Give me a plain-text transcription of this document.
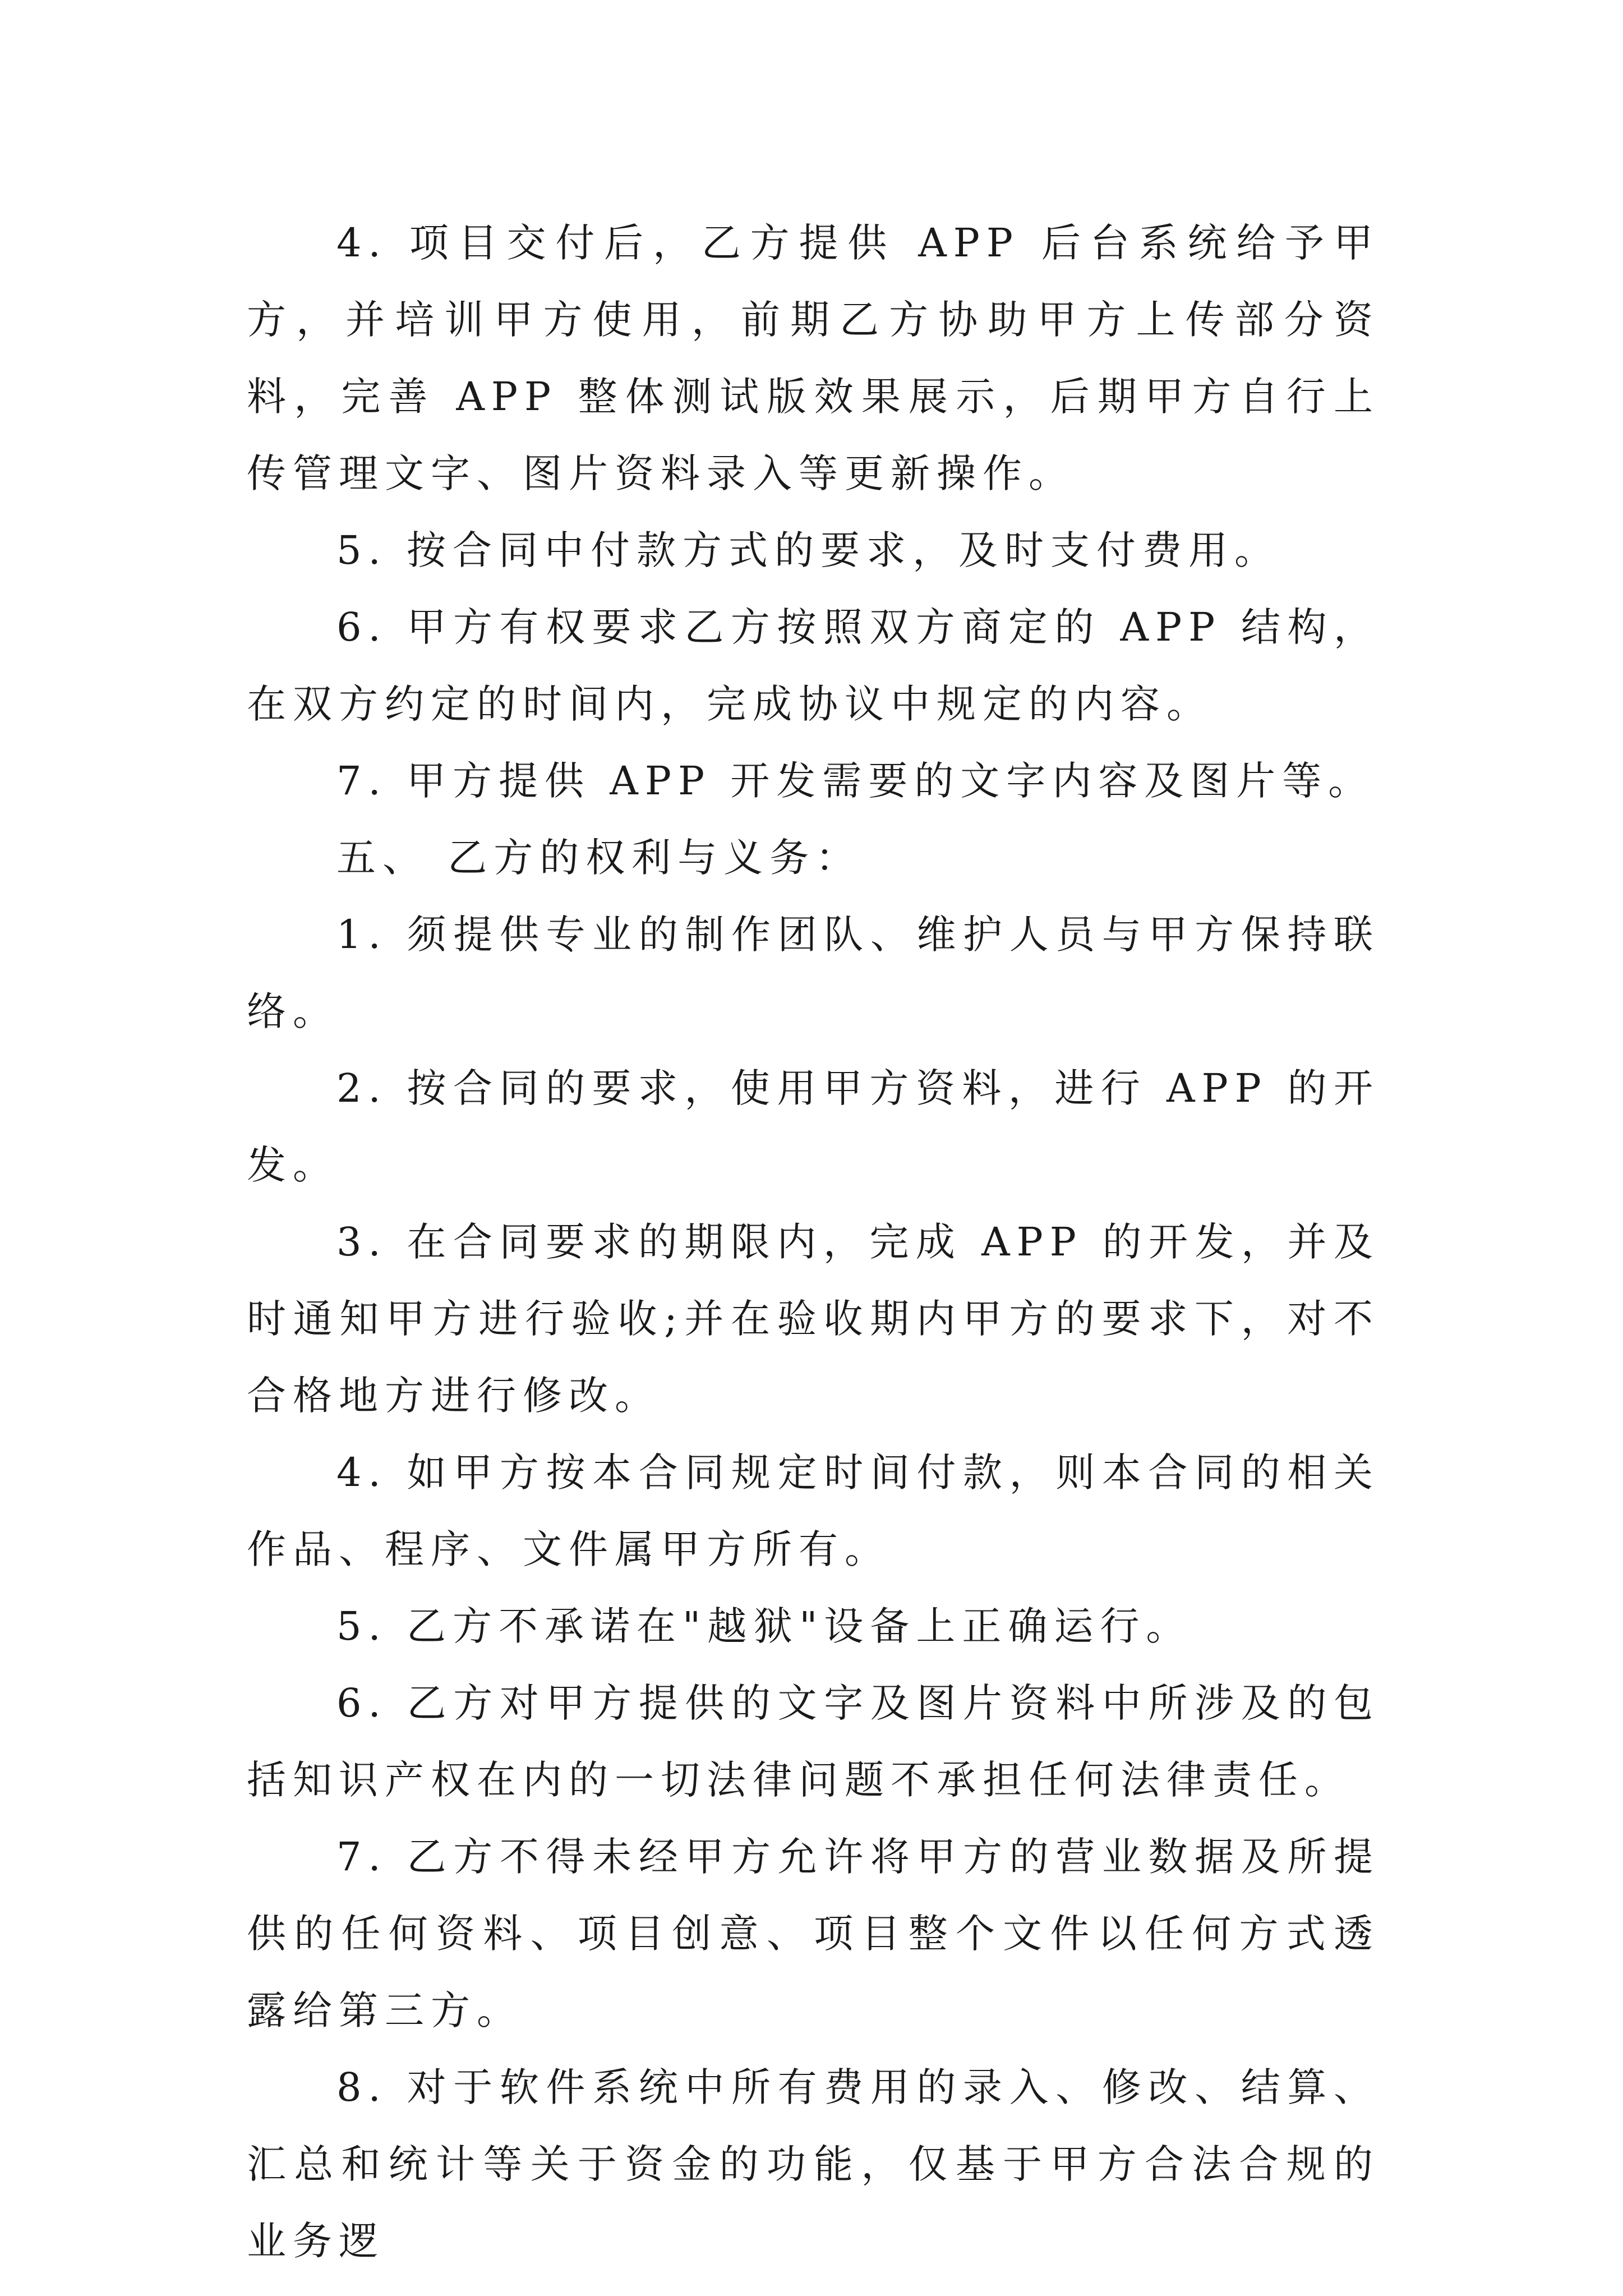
4. 项目交付后，乙方提供 APP 后台系统给予甲方，并培训甲方使用，前期乙方协助甲方上传部分资料，完善 APP 整体测试版效果展示，后期甲方自行上传管理文字、图片资料录入等更新操作。

5. 按合同中付款方式的要求，及时支付费用。

6. 甲方有权要求乙方按照双方商定的 APP 结构，在双方约定的时间内，完成协议中规定的内容。

7. 甲方提供 APP 开发需要的文字内容及图片等。

五、 乙方的权利与义务：

1. 须提供专业的制作团队、维护人员与甲方保持联络。

2. 按合同的要求，使用甲方资料，进行 APP 的开发。

3. 在合同要求的期限内，完成 APP 的开发，并及时通知甲方进行验收;并在验收期内甲方的要求下，对不合格地方进行修改。

4. 如甲方按本合同规定时间付款，则本合同的相关作品、程序、文件属甲方所有。

5. 乙方不承诺在"越狱"设备上正确运行。

6. 乙方对甲方提供的文字及图片资料中所涉及的包括知识产权在内的一切法律问题不承担任何法律责任。

7. 乙方不得未经甲方允许将甲方的营业数据及所提供的任何资料、项目创意、项目整个文件以任何方式透露给第三方。

8. 对于软件系统中所有费用的录入、修改、结算、汇总和统计等关于资金的功能，仅基于甲方合法合规的业务逻
